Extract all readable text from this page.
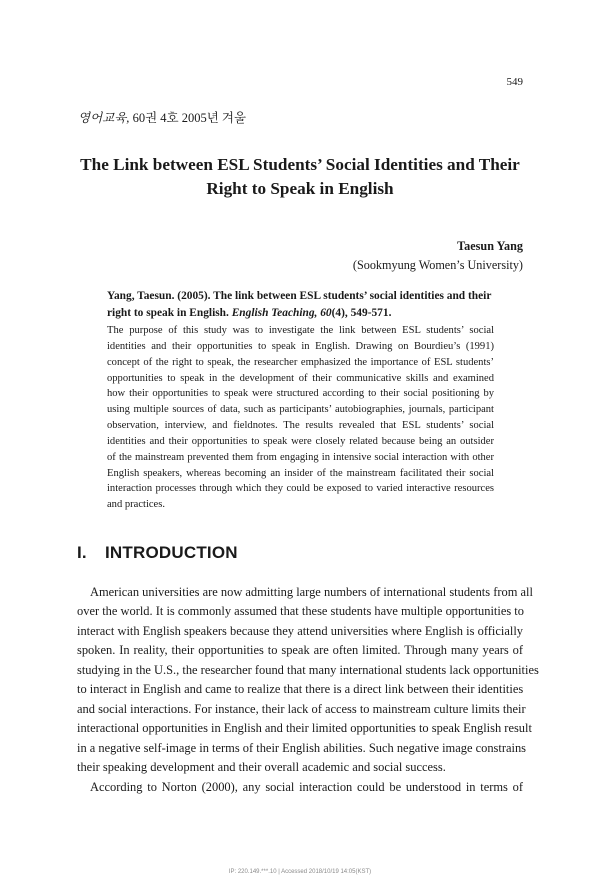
549
영어교육, 60권 4호 2005년 겨울
The Link between ESL Students’ Social Identities and Their
Right to Speak in English
Taesun Yang
(Sookmyung Women’s University)
Yang, Taesun. (2005). The link between ESL students’ social identities and their
right to speak in English. English Teaching, 60(4), 549-571.
The purpose of this study was to investigate the link between ESL students’ social
identities and their opportunities to speak in English. Drawing on Bourdieu’s (1991)
concept of the right to speak, the researcher emphasized the importance of ESL students’
opportunities to speak in the development of their communicative skills and examined
how their opportunities to speak were structured according to their social positioning by
using multiple sources of data, such as participants’ autobiographies, journals, participant
observation, interview, and fieldnotes. The results revealed that ESL students’ social
identities and their opportunities to speak were closely related because being an outsider
of the mainstream prevented them from engaging in intensive social interaction with other
English speakers, whereas becoming an insider of the mainstream facilitated their social
interaction processes through which they could be exposed to varied interactive resources
and practices.
I. INTRODUCTION
American universities are now admitting large numbers of international students from all
over the world. It is commonly assumed that these students have multiple opportunities to
interact with English speakers because they attend universities where English is officially
spoken. In reality, their opportunities to speak are often limited. Through many years of
studying in the U.S., the researcher found that many international students lack opportunities
to interact in English and came to realize that there is a direct link between their identities
and social interactions. For instance, their lack of access to mainstream culture limits their
interactional opportunities in English and their limited opportunities to speak English result
in a negative self-image in terms of their English abilities. Such negative image constrains
their speaking development and their overall academic and social success.
According to Norton (2000), any social interaction could be understood in terms of
IP: 220.149.***.10 | Accessed 2018/10/19 14:05(KST)
